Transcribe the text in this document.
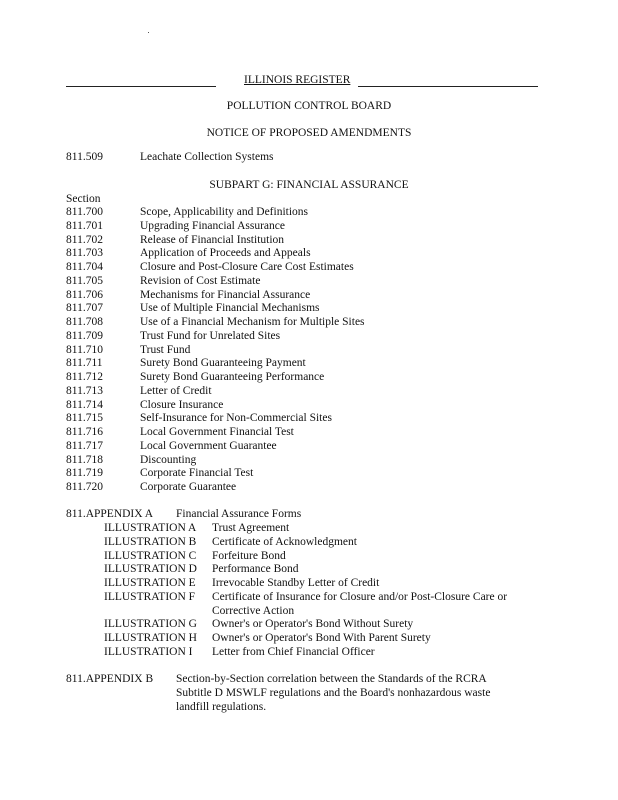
ILLINOIS REGISTER
POLLUTION CONTROL BOARD
NOTICE OF PROPOSED AMENDMENTS
811.509	Leachate Collection Systems
SUBPART G: FINANCIAL ASSURANCE
Section
811.700	Scope, Applicability and Definitions
811.701	Upgrading Financial Assurance
811.702	Release of Financial Institution
811.703	Application of Proceeds and Appeals
811.704	Closure and Post-Closure Care Cost Estimates
811.705	Revision of Cost Estimate
811.706	Mechanisms for Financial Assurance
811.707	Use of Multiple Financial Mechanisms
811.708	Use of a Financial Mechanism for Multiple Sites
811.709	Trust Fund for Unrelated Sites
811.710	Trust Fund
811.711	Surety Bond Guaranteeing Payment
811.712	Surety Bond Guaranteeing Performance
811.713	Letter of Credit
811.714	Closure Insurance
811.715	Self-Insurance for Non-Commercial Sites
811.716	Local Government Financial Test
811.717	Local Government Guarantee
811.718	Discounting
811.719	Corporate Financial Test
811.720	Corporate Guarantee
811.APPENDIX A Financial Assurance Forms
ILLUSTRATION A Trust Agreement
ILLUSTRATION B Certificate of Acknowledgment
ILLUSTRATION C Forfeiture Bond
ILLUSTRATION D Performance Bond
ILLUSTRATION E Irrevocable Standby Letter of Credit
ILLUSTRATION F Certificate of Insurance for Closure and/or Post-Closure Care or
Corrective Action
ILLUSTRATION G Owner's or Operator's Bond Without Surety
ILLUSTRATION H Owner's or Operator's Bond With Parent Surety
ILLUSTRATION I Letter from Chief Financial Officer
811.APPENDIX B Section-by-Section correlation between the Standards of the RCRA
Subtitle D MSWLF regulations and the Board's nonhazardous waste
landfill regulations.
